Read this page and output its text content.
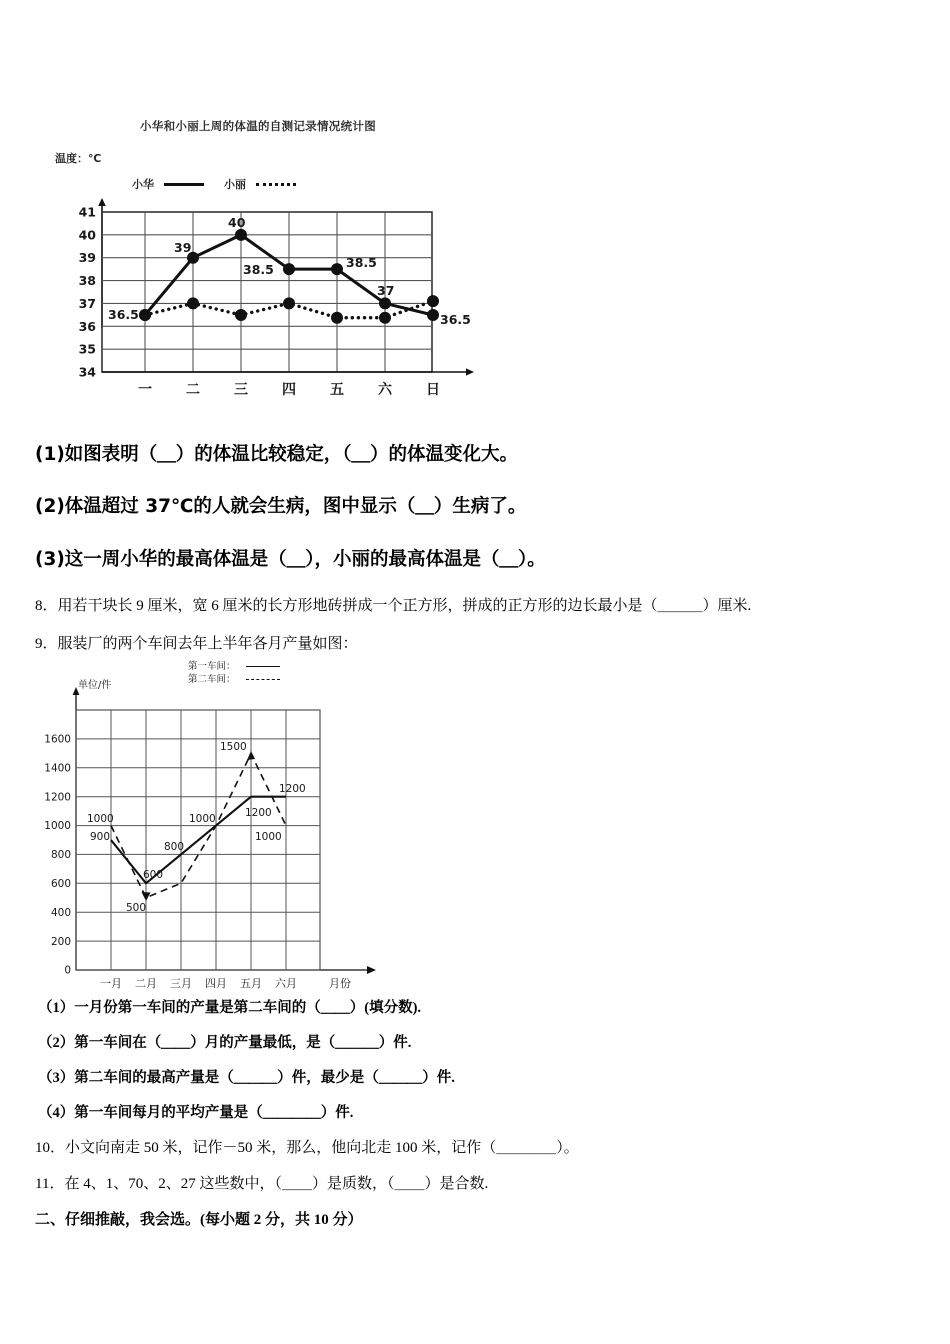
小华和小丽上周的体温的自测记录情况统计图
温度：℃
小华	小丽
41
40
39
38
37
36
35
34
一 二 三 四 五 六 日
36.5
39
40
38.5	38.5
37
36.5
(1)如图表明（＿）的体温比较稳定，（＿）的体温变化大。
(2)体温超过 37℃的人就会生病，图中显示（＿）生病了。
(3)这一周小华的最高体温是（＿），小丽的最高体温是（＿）。
8．用若干块长 9 厘米，宽 6 厘米的长方形地砖拼成一个正方形，拼成的正方形的边长最小是（＿＿＿）厘米.
9．服装厂的两个车间去年上半年各月产量如图：
第一车间：
第二车间：
单位/件
1600
1400
1200
1000
800
600
400
200
0
一月 二月 三月 四月 五月 六月	月份
1000
900
500
600
800
1000
1500
1200
1200
1000
（1）一月份第一车间的产量是第二车间的（＿＿）(填分数).
（2）第一车间在（＿＿）月的产量最低，是（＿＿＿）件.
（3）第二车间的最高产量是（＿＿＿）件，最少是（＿＿＿）件.
（4）第一车间每月的平均产量是（＿＿＿＿）件.
10．小文向南走 50 米，记作－50 米，那么，他向北走 100 米，记作（＿＿＿＿）。
11．在 4、1、70、2、27 这些数中，（＿＿）是质数，（＿＿）是合数.
二、仔细推敲，我会选。(每小题 2 分，共 10 分）
